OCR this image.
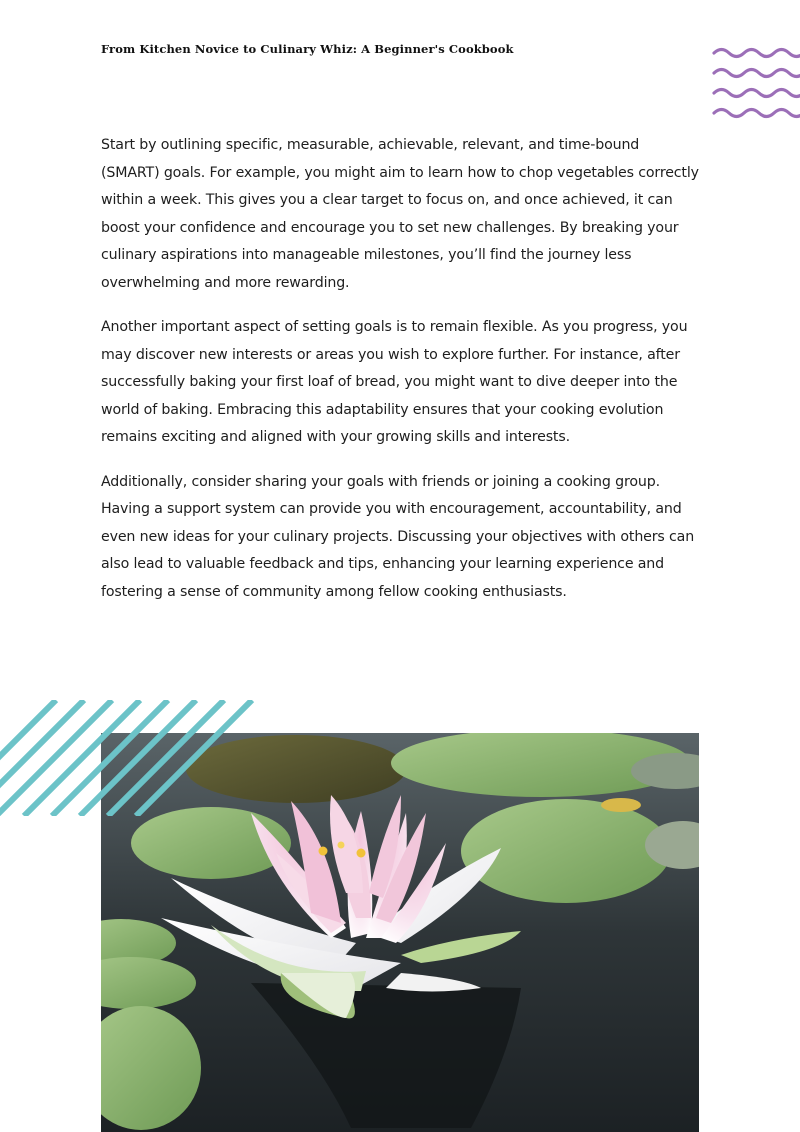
From Kitchen Novice to Culinary Whiz: A Beginner's Cookbook

Start by outlining specific, measurable, achievable, relevant, and time-bound (SMART) goals. For example, you might aim to learn how to chop vegetables correctly within a week. This gives you a clear target to focus on, and once achieved, it can boost your confidence and encourage you to set new challenges. By breaking your culinary aspirations into manageable milestones, you’ll find the journey less overwhelming and more rewarding.

Another important aspect of setting goals is to remain flexible. As you progress, you may discover new interests or areas you wish to explore further. For instance, after successfully baking your first loaf of bread, you might want to dive deeper into the world of baking. Embracing this adaptability ensures that your cooking evolution remains exciting and aligned with your growing skills and interests.

Additionally, consider sharing your goals with friends or joining a cooking group. Having a support system can provide you with encouragement, accountability, and even new ideas for your culinary projects. Discussing your objectives with others can also lead to valuable feedback and tips, enhancing your learning experience and fostering a sense of community among fellow cooking enthusiasts.
